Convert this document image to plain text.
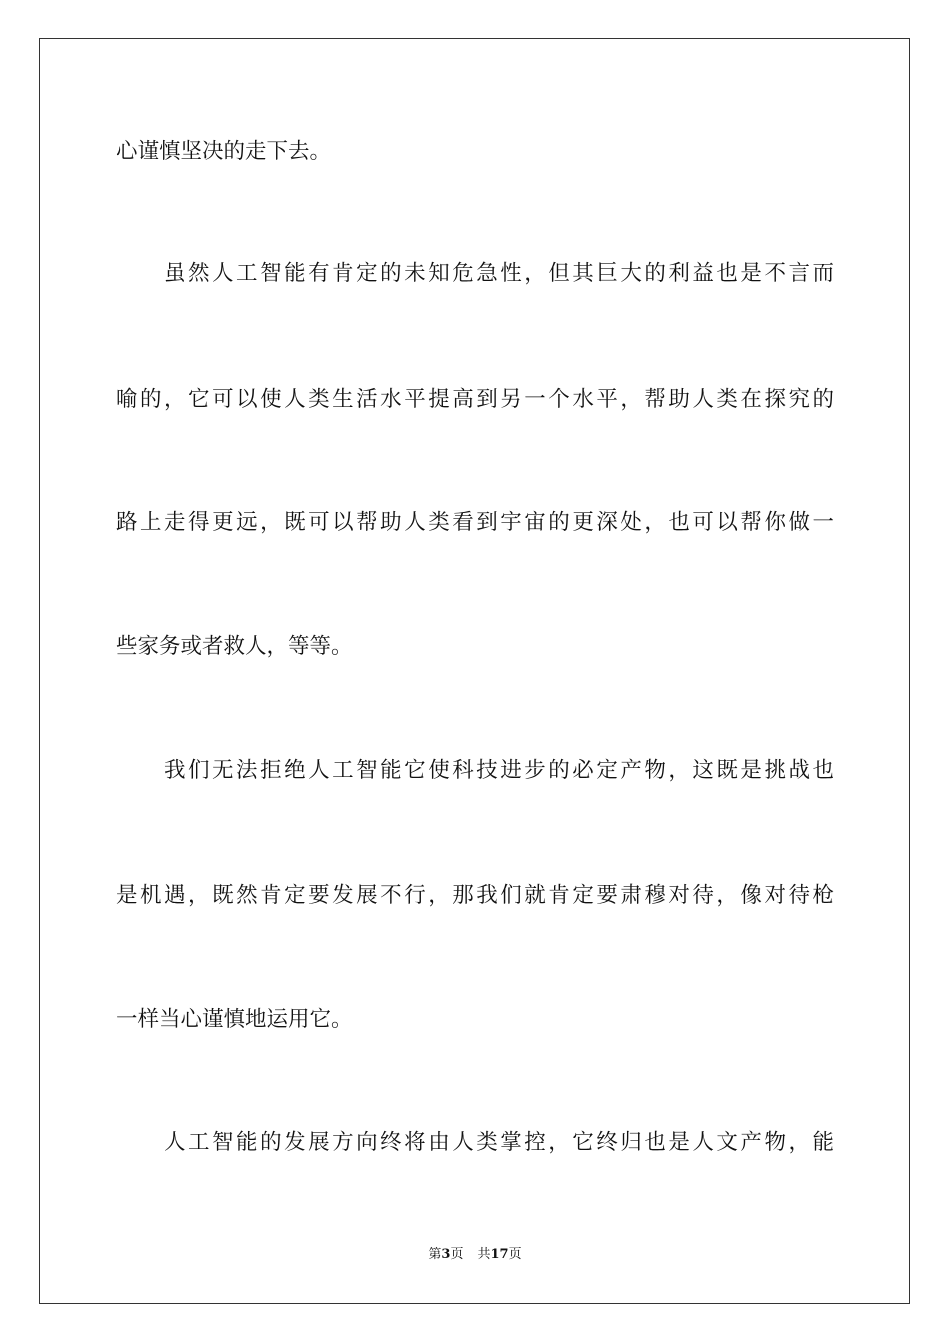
心谨慎坚决的走下去。
虽然人工智能有肯定的未知危急性，但其巨大的利益也是不言而
喻的，它可以使人类生活水平提高到另一个水平，帮助人类在探究的
路上走得更远，既可以帮助人类看到宇宙的更深处，也可以帮你做一
些家务或者救人，等等。
我们无法拒绝人工智能它使科技进步的必定产物，这既是挑战也
是机遇，既然肯定要发展不行，那我们就肯定要肃穆对待，像对待枪
一样当心谨慎地运用它。
人工智能的发展方向终将由人类掌控，它终归也是人文产物，能
第3页 共17页
